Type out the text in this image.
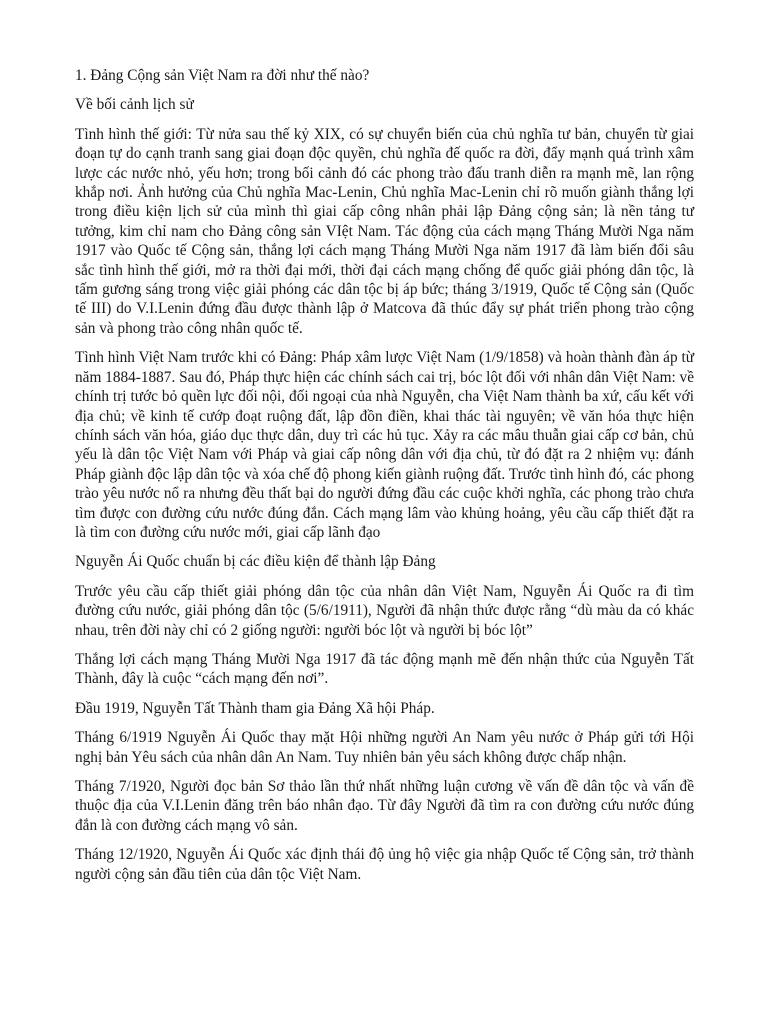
1. Đảng Cộng sản Việt Nam ra đời như thế nào?

Về bối cảnh lịch sử

Tình hình thế giới: Từ nửa sau thế kỷ XIX, có sự chuyển biến của chủ nghĩa tư bản, chuyển từ giai đoạn tự do cạnh tranh sang giai đoạn độc quyền, chủ nghĩa đế quốc ra đời, đẩy mạnh quá trình xâm lược các nước nhỏ, yếu hơn; trong bối cảnh đó các phong trào đấu tranh diễn ra mạnh mẽ, lan rộng khắp nơi. Ảnh hưởng của Chủ nghĩa Mac-Lenin, Chủ nghĩa Mac-Lenin chỉ rõ muốn giành thắng lợi trong điều kiện lịch sử của mình thì giai cấp công nhân phải lập Đảng cộng sản; là nền tảng tư tưởng, kim chỉ nam cho Đảng công sản VIệt Nam. Tác động của cách mạng Tháng Mười Nga năm 1917 vào Quốc tế Cộng sản, thắng lợi cách mạng Tháng Mười Nga năm 1917 đã làm biến đổi sâu sắc tình hình thế giới, mở ra thời đại mới, thời đại cách mạng chống để quốc giải phóng dân tộc, là tấm gương sáng trong việc giải phóng các dân tộc bị áp bức; tháng 3/1919, Quốc tế Cộng sản (Quốc tế III) do V.I.Lenin đứng đầu được thành lập ở Matcova đã thúc đẩy sự phát triển phong trào cộng sản và phong trào công nhân quốc tế.

Tình hình Việt Nam trước khi có Đảng: Pháp xâm lược Việt Nam (1/9/1858) và hoàn thành đàn áp từ năm 1884-1887. Sau đó, Pháp thực hiện các chính sách cai trị, bóc lột đối với nhân dân Việt Nam: về chính trị tước bỏ quền lực đối nội, đối ngoại của nhà Nguyễn, cha Việt Nam thành ba xứ, cấu kết với địa chủ; về kinh tế cướp đoạt ruộng đất, lập đồn điền, khai thác tài nguyên; về văn hóa thực hiện chính sách văn hóa, giáo dục thực dân, duy trì các hủ tục. Xảy ra các mâu thuẫn giai cấp cơ bản, chủ yếu là dân tộc Việt Nam với Pháp và giai cấp nông dân với địa chủ, từ đó đặt ra 2 nhiệm vụ: đánh Pháp giành độc lập dân tộc và xóa chế độ phong kiến giành ruộng đất. Trước tình hình đó, các phong trào yêu nước nổ ra nhưng đều thất bại do người đứng đầu các cuộc khởi nghĩa, các phong trào chưa tìm được con đường cứu nước đúng đắn. Cách mạng lâm vào khủng hoảng, yêu cầu cấp thiết đặt ra là tìm con đường cứu nước mới, giai cấp lãnh đạo

Nguyễn Ái Quốc chuẩn bị các điều kiện để thành lập Đảng

Trước yêu cầu cấp thiết giải phóng dân tộc của nhân dân Việt Nam, Nguyễn Ái Quốc ra đi tìm đường cứu nước, giải phóng dân tộc (5/6/1911), Người đã nhận thức được rằng “dù màu da có khác nhau, trên đời này chỉ có 2 giống người: người bóc lột và người bị bóc lột”

Thắng lợi cách mạng Tháng Mười Nga 1917 đã tác động mạnh mẽ đến nhận thức của Nguyễn Tất Thành, đây là cuộc “cách mạng đến nơi”.

Đầu 1919, Nguyễn Tất Thành tham gia Đảng Xã hội Pháp.

Tháng 6/1919 Nguyễn Ái Quốc thay mặt Hội những người An Nam yêu nước ở Pháp gửi tới Hội nghị bản Yêu sách của nhân dân An Nam. Tuy nhiên bản yêu sách không được chấp nhận.

Tháng 7/1920, Người đọc bản Sơ thảo lần thứ nhất những luận cương về vấn đề dân tộc và vấn đề thuộc địa của V.I.Lenin đăng trên báo nhân đạo. Từ đây Người đã tìm ra con đường cứu nước đúng đắn là con đường cách mạng vô sản.

Tháng 12/1920, Nguyễn Ái Quốc xác định thái độ ủng hộ việc gia nhập Quốc tế Cộng sản, trở thành người cộng sản đầu tiên của dân tộc Việt Nam.
